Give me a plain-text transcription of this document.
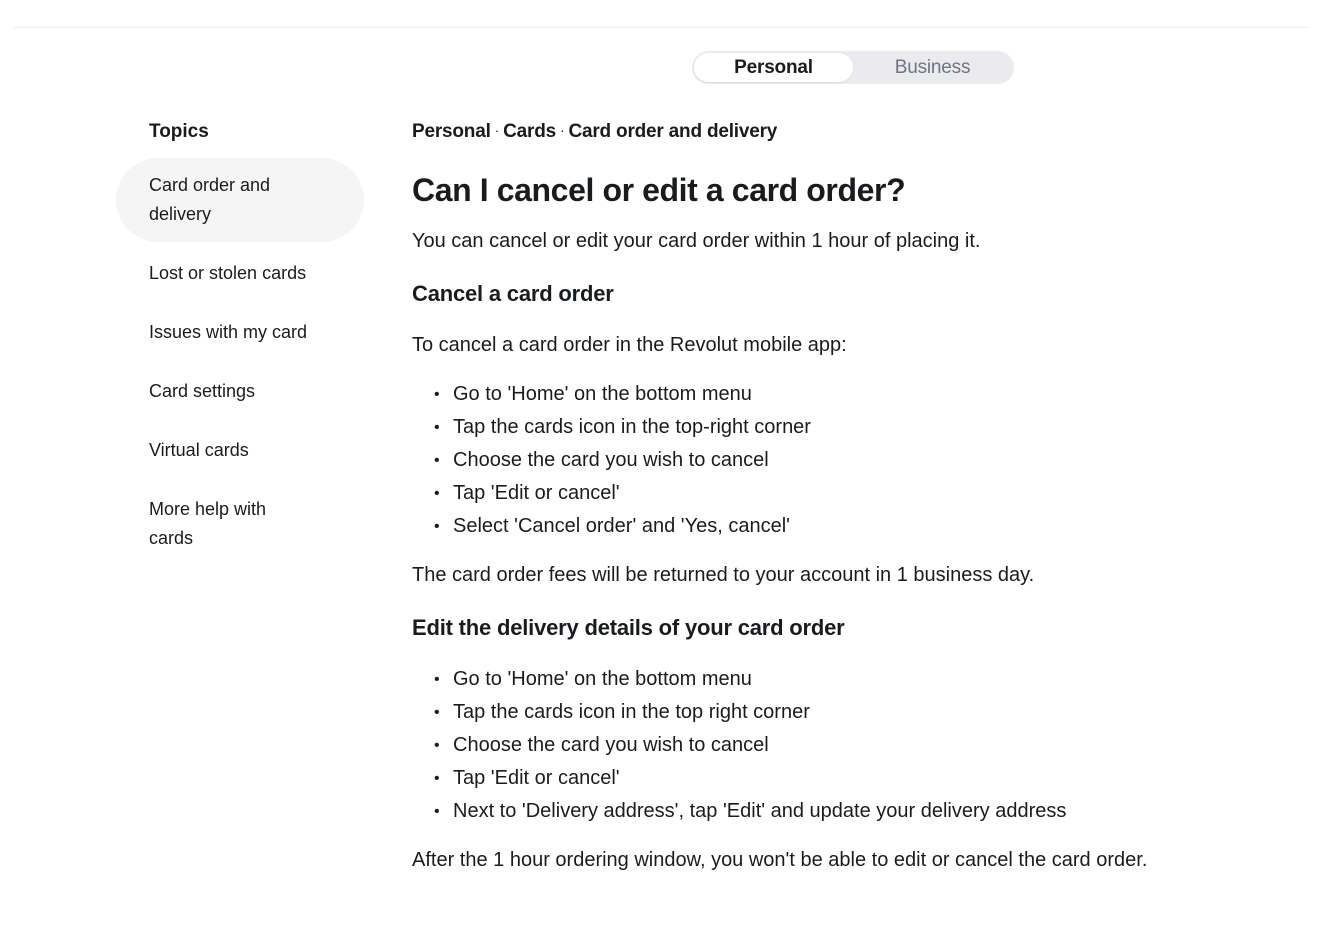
Personal	Business
Topics
Card order and delivery
Lost or stolen cards
Issues with my card
Card settings
Virtual cards
More help with cards
Personal · Cards · Card order and delivery
Can I cancel or edit a card order?

You can cancel or edit your card order within 1 hour of placing it.

Cancel a card order

To cancel a card order in the Revolut mobile app:

• Go to 'Home' on the bottom menu
• Tap the cards icon in the top-right corner
• Choose the card you wish to cancel
• Tap 'Edit or cancel'
• Select 'Cancel order' and 'Yes, cancel'

The card order fees will be returned to your account in 1 business day.

Edit the delivery details of your card order
• Go to 'Home' on the bottom menu
• Tap the cards icon in the top right corner
• Choose the card you wish to cancel
• Tap 'Edit or cancel'
• Next to 'Delivery address', tap 'Edit' and update your delivery address

After the 1 hour ordering window, you won't be able to edit or cancel the card order.
